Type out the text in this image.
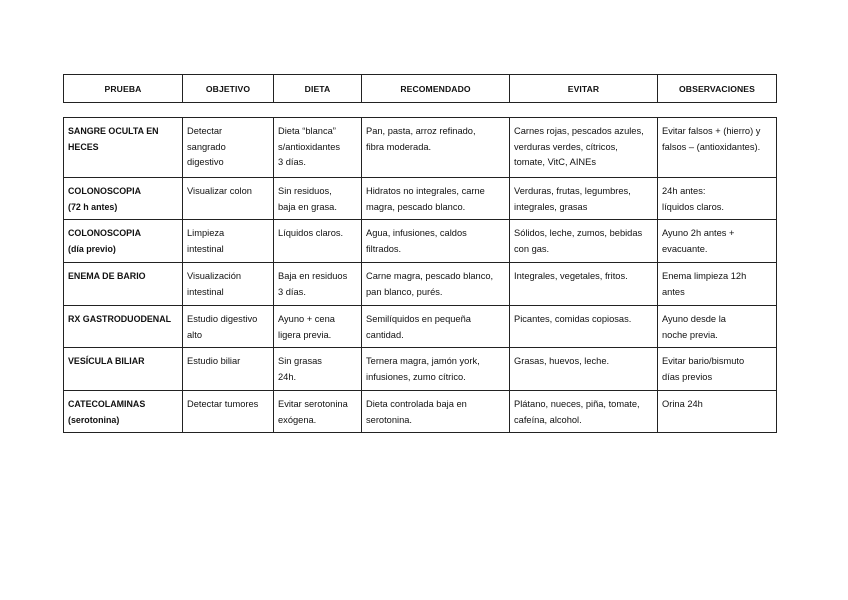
PRUEBA	OBJETIVO	DIETA	RECOMENDADO	EVITAR	OBSERVACIONES
SANGRE OCULTA EN
HECES	Detectar
sangrado
digestivo	Dieta “blanca”
s/antioxidantes
3 días.	Pan, pasta, arroz refinado,
fibra moderada.	Carnes rojas, pescados azules,
verduras verdes, cítricos,
tomate, VitC, AINEs	Evitar falsos + (hierro) y
falsos – (antioxidantes).

COLONOSCOPIA
(72 h antes)	Visualizar colon	Sin residuos,
baja en grasa.	Hidratos no integrales, carne
magra, pescado blanco.	Verduras, frutas, legumbres,
integrales, grasas	24h antes:
líquidos claros.

COLONOSCOPIA
(día previo)	Limpieza
intestinal	Líquidos claros.	Agua, infusiones, caldos
filtrados.	Sólidos, leche, zumos, bebidas
con gas.	Ayuno 2h antes +
evacuante.

ENEMA DE BARIO	Visualización
intestinal	Baja en residuos
3 días.	Carne magra, pescado blanco,
pan blanco, purés.	Integrales, vegetales, fritos.	Enema limpieza 12h
antes

RX GASTRODUODENAL	Estudio digestivo
alto	Ayuno + cena
ligera previa.	Semilíquidos en pequeña
cantidad.	Picantes, comidas copiosas.	Ayuno desde la
noche previa.

VESÍCULA BILIAR	Estudio biliar	Sin grasas
24h.	Ternera magra, jamón york,
infusiones, zumo cítrico.	Grasas, huevos, leche.	Evitar bario/bismuto
días previos

CATECOLAMINAS
(serotonina)	Detectar tumores	Evitar serotonina
exógena.	Dieta controlada baja en
serotonina.	Plátano, nueces, piña, tomate,
cafeína, alcohol.	Orina 24h
